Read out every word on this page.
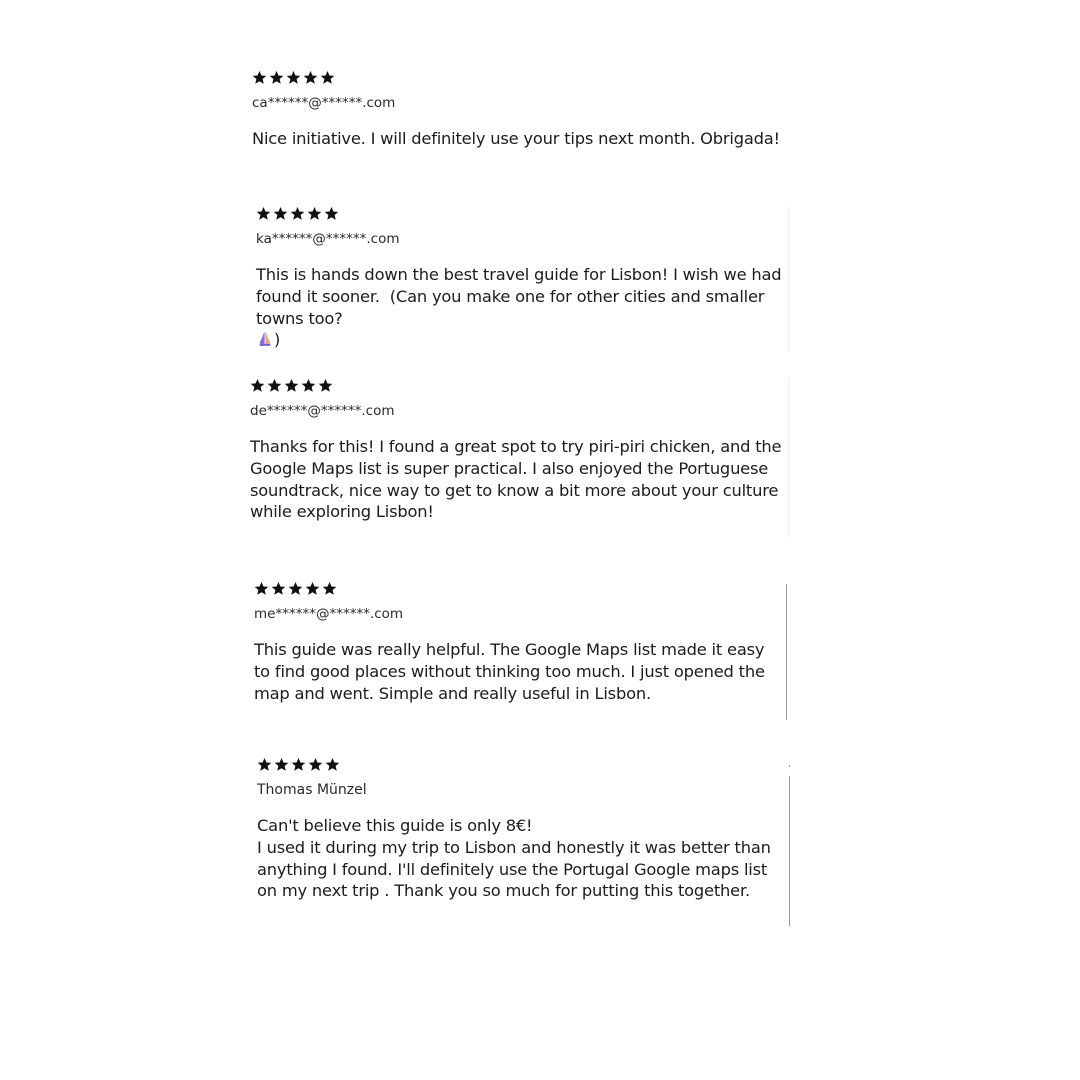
ca******@******.com
Nice initiative. I will definitely use your tips next month. Obrigada!
ka******@******.com
This is hands down the best travel guide for Lisbon! I wish we had found it sooner.  (Can you make one for other cities and smaller towns too?
)
de******@******.com
Thanks for this! I found a great spot to try piri-piri chicken, and the Google Maps list is super practical. I also enjoyed the Portuguese soundtrack, nice way to get to know a bit more about your culture while exploring Lisbon!
me******@******.com
This guide was really helpful. The Google Maps list made it easy to find good places without thinking too much. I just opened the map and went. Simple and really useful in Lisbon.
Thomas Münzel
Can't believe this guide is only 8€!
I used it during my trip to Lisbon and honestly it was better than anything I found. I'll definitely use the Portugal Google maps list on my next trip . Thank you so much for putting this together.
